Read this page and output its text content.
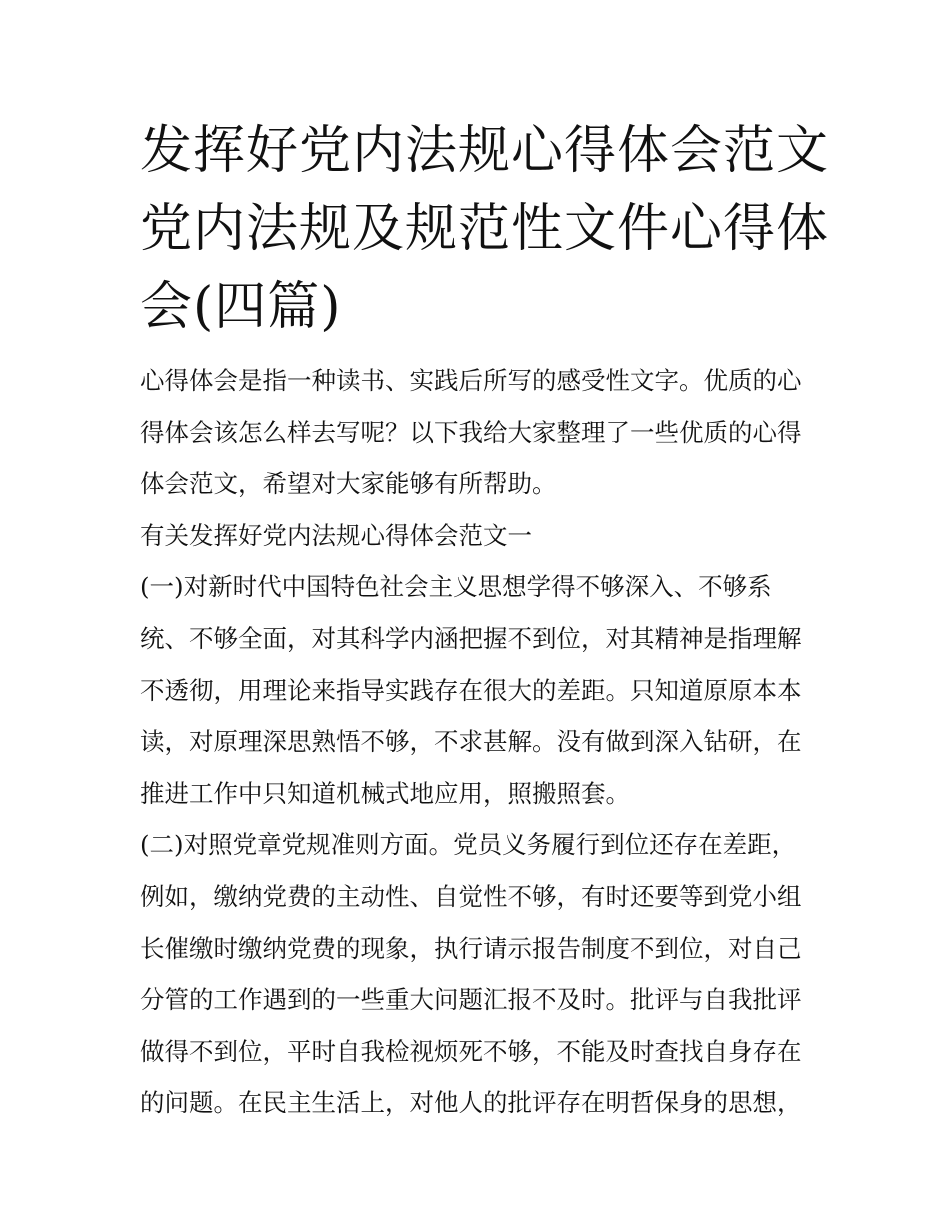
发挥好党内法规心得体会范文
党内法规及规范性文件心得体
会(四篇)

心得体会是指一种读书、实践后所写的感受性文字。优质的心
得体会该怎么样去写呢？以下我给大家整理了一些优质的心得
体会范文，希望对大家能够有所帮助。

有关发挥好党内法规心得体会范文一

(一)对新时代中国特色社会主义思想学得不够深入、不够系
统、不够全面，对其科学内涵把握不到位，对其精神是指理解
不透彻，用理论来指导实践存在很大的差距。只知道原原本本
读，对原理深思熟悟不够，不求甚解。没有做到深入钻研，在
推进工作中只知道机械式地应用，照搬照套。

(二)对照党章党规准则方面。党员义务履行到位还存在差距，
例如，缴纳党费的主动性、自觉性不够，有时还要等到党小组
长催缴时缴纳党费的现象，执行请示报告制度不到位，对自己
分管的工作遇到的一些重大问题汇报不及时。批评与自我批评
做得不到位，平时自我检视烦死不够，不能及时查找自身存在
的问题。在民主生活上，对他人的批评存在明哲保身的思想，
